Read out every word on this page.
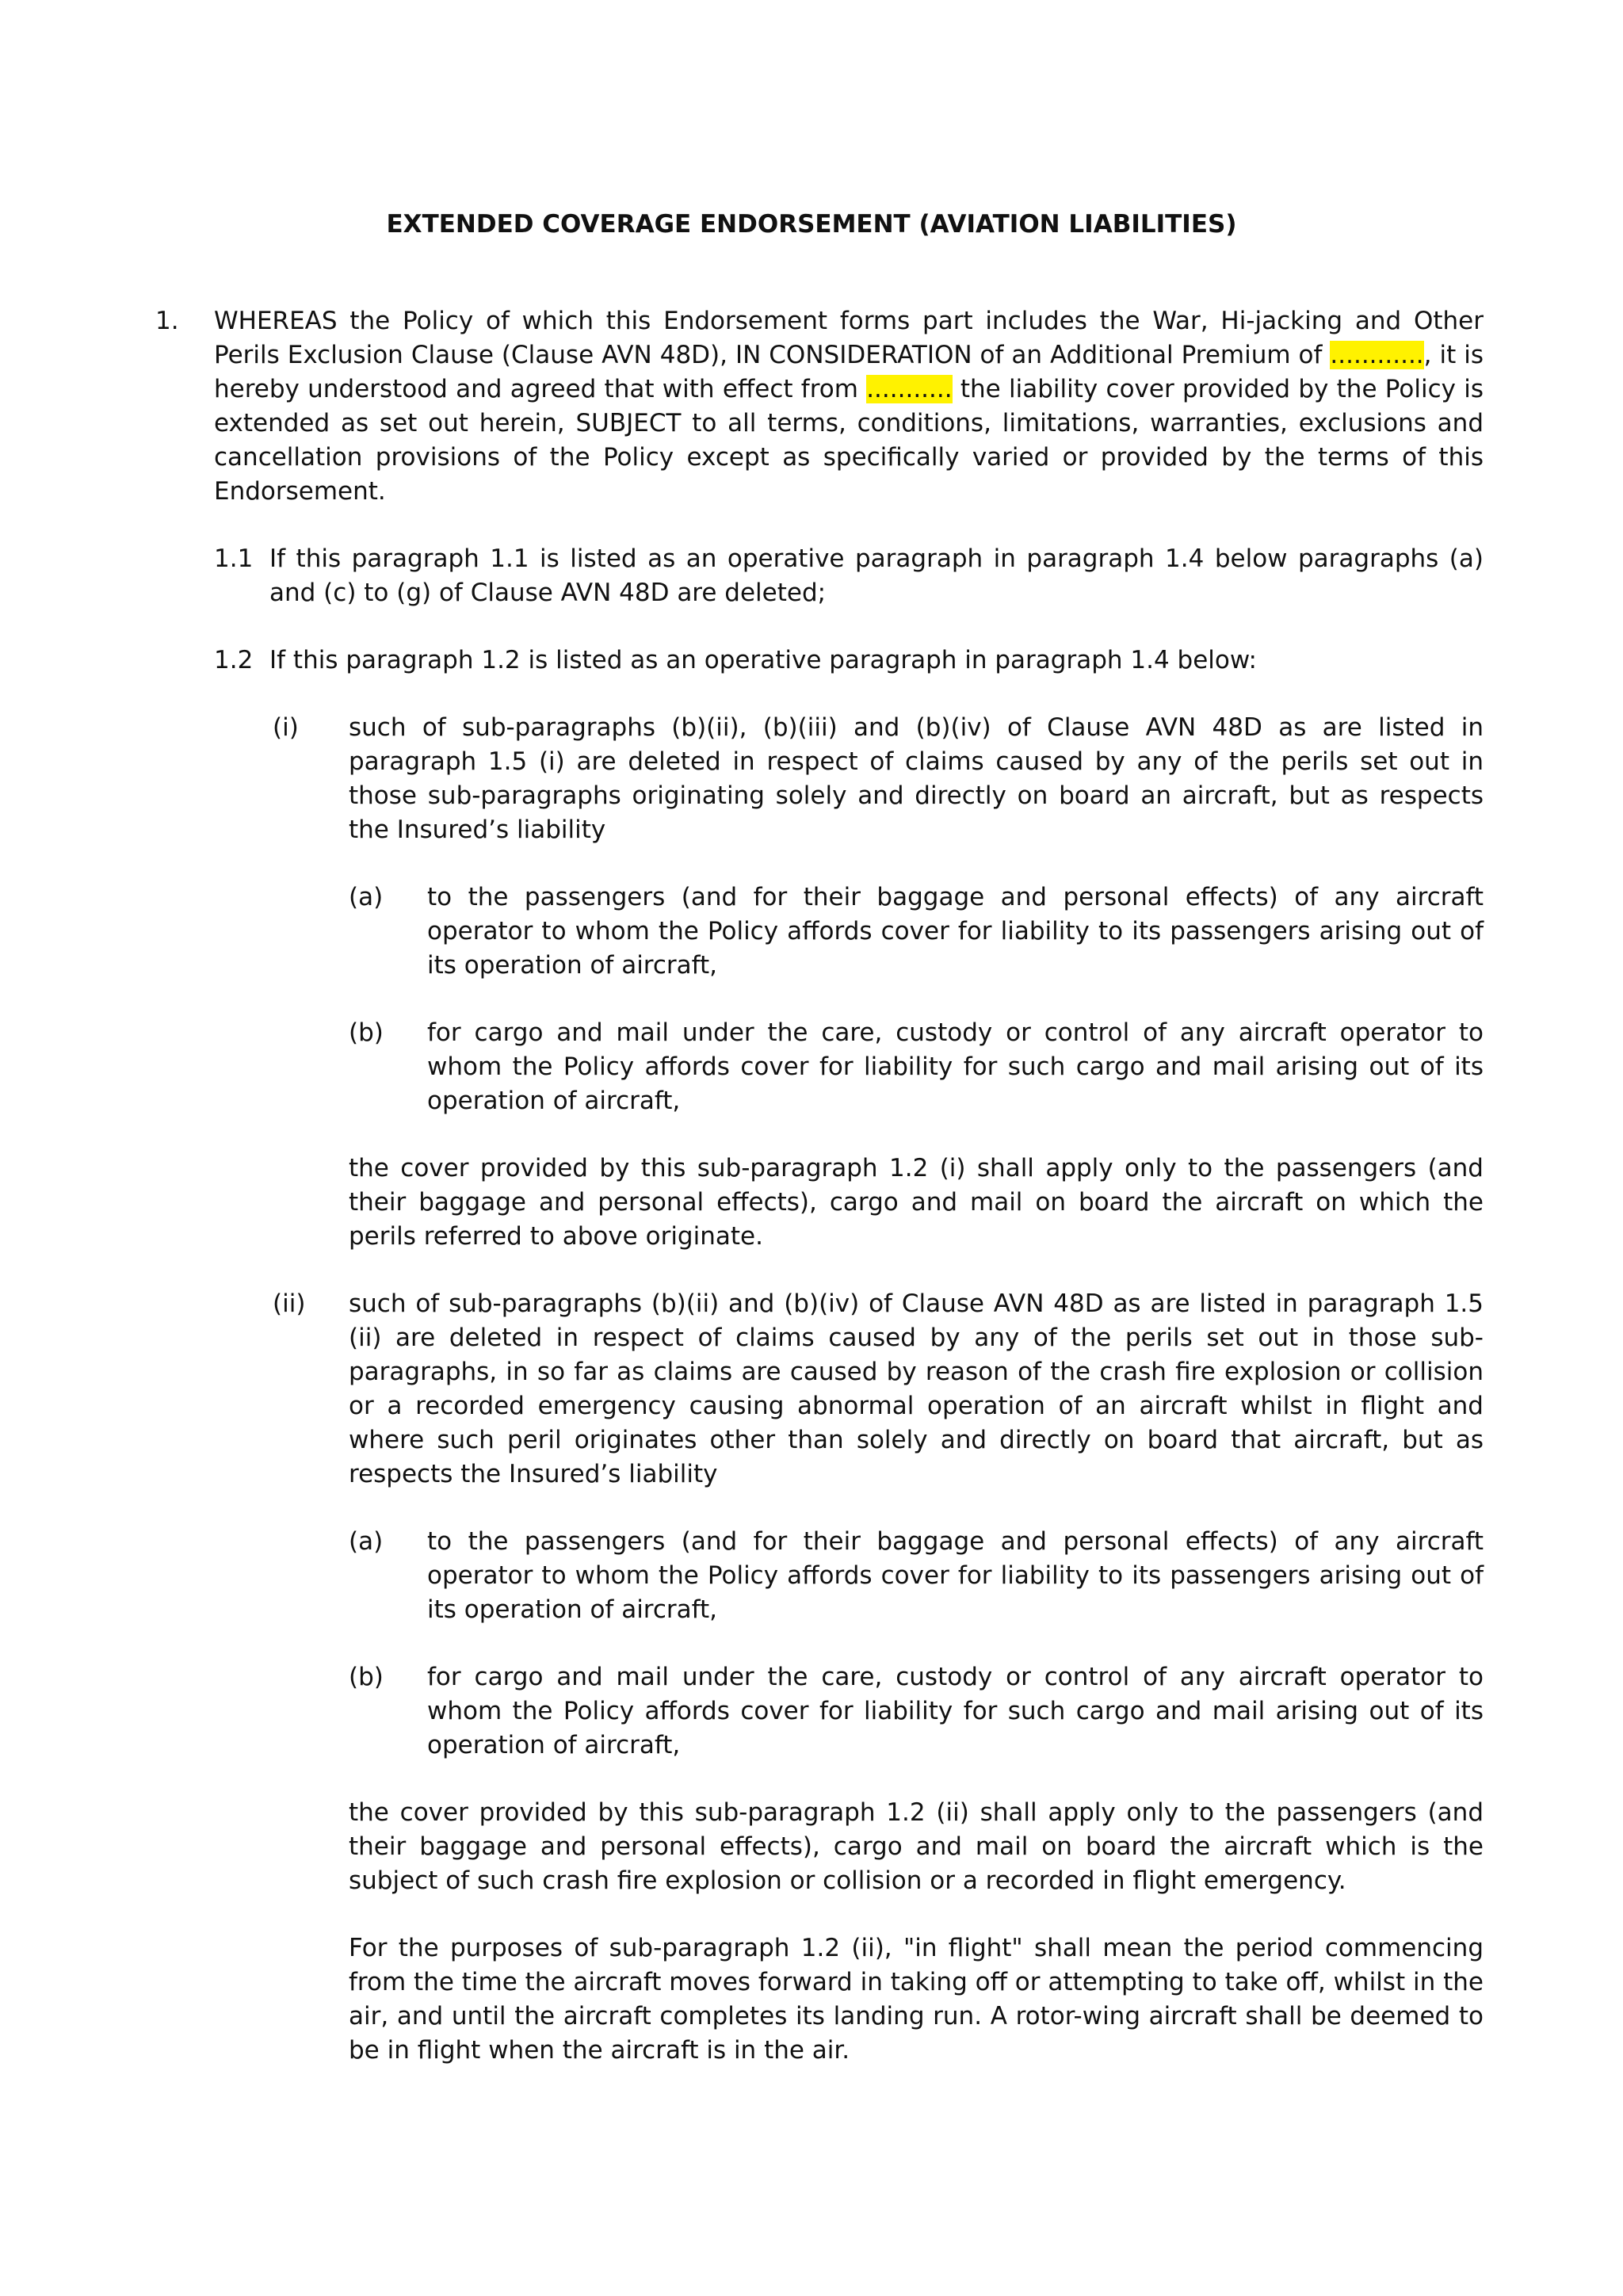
EXTENDED COVERAGE ENDORSEMENT (AVIATION LIABILITIES)
1. WHEREAS the Policy of which this Endorsement forms part includes the War, Hi-jacking and Other Perils Exclusion Clause (Clause AVN 48D), IN CONSIDERATION of an Additional Premium of ............, it is hereby understood and agreed that with effect from ........... the liability cover provided by the Policy is extended as set out herein, SUBJECT to all terms, conditions, limitations, warranties, exclusions and cancellation provisions of the Policy except as specifically varied or provided by the terms of this Endorsement.

1.1 If this paragraph 1.1 is listed as an operative paragraph in paragraph 1.4 below paragraphs (a) and (c) to (g) of Clause AVN 48D are deleted;

1.2 If this paragraph 1.2 is listed as an operative paragraph in paragraph 1.4 below:

(i) such of sub-paragraphs (b)(ii), (b)(iii) and (b)(iv) of Clause AVN 48D as are listed in paragraph 1.5 (i) are deleted in respect of claims caused by any of the perils set out in those sub-paragraphs originating solely and directly on board an aircraft, but as respects the Insured’s liability

(a) to the passengers (and for their baggage and personal effects) of any aircraft operator to whom the Policy affords cover for liability to its passengers arising out of its operation of aircraft,

(b) for cargo and mail under the care, custody or control of any aircraft operator to whom the Policy affords cover for liability for such cargo and mail arising out of its operation of aircraft,

the cover provided by this sub-paragraph 1.2 (i) shall apply only to the passengers (and their baggage and personal effects), cargo and mail on board the aircraft on which the perils referred to above originate.

(ii) such of sub-paragraphs (b)(ii) and (b)(iv) of Clause AVN 48D as are listed in paragraph 1.5 (ii) are deleted in respect of claims caused by any of the perils set out in those sub-paragraphs, in so far as claims are caused by reason of the crash fire explosion or collision or a recorded emergency causing abnormal operation of an aircraft whilst in flight and where such peril originates other than solely and directly on board that aircraft, but as respects the Insured’s liability

(a) to the passengers (and for their baggage and personal effects) of any aircraft operator to whom the Policy affords cover for liability to its passengers arising out of its operation of aircraft,

(b) for cargo and mail under the care, custody or control of any aircraft operator to whom the Policy affords cover for liability for such cargo and mail arising out of its operation of aircraft,

the cover provided by this sub-paragraph 1.2 (ii) shall apply only to the passengers (and their baggage and personal effects), cargo and mail on board the aircraft which is the subject of such crash fire explosion or collision or a recorded in flight emergency.

For the purposes of sub-paragraph 1.2 (ii), "in flight" shall mean the period commencing from the time the aircraft moves forward in taking off or attempting to take off, whilst in the air, and until the aircraft completes its landing run. A rotor-wing aircraft shall be deemed to be in flight when the aircraft is in the air.
